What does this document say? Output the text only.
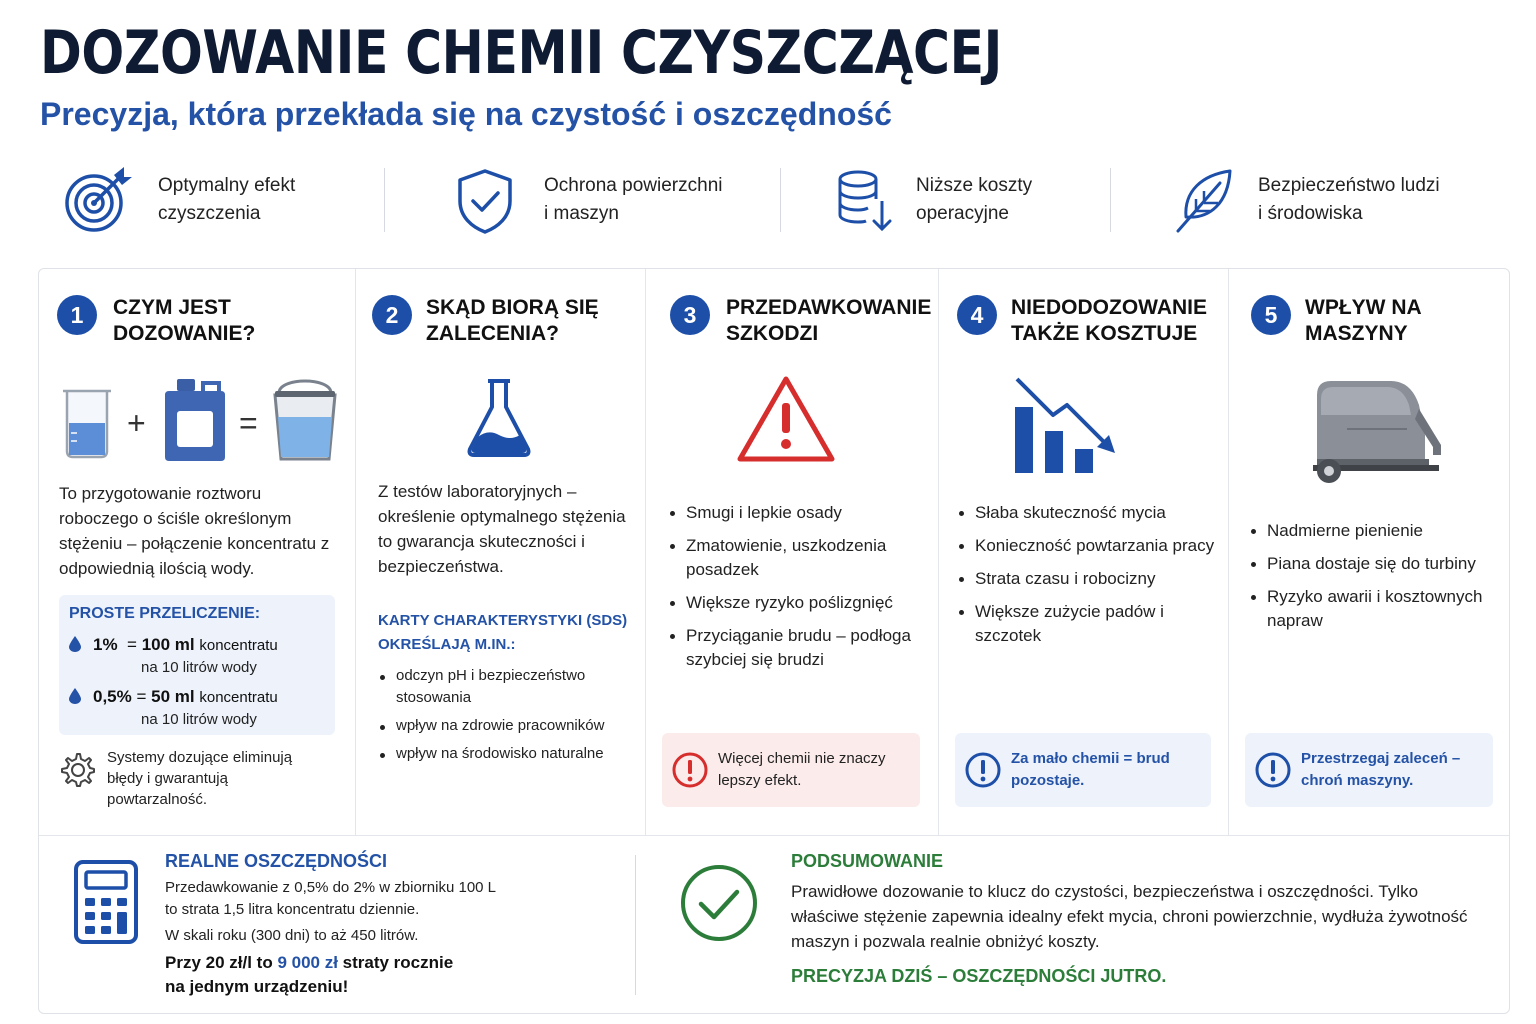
DOZOWANIE CHEMII CZYSZCZĄCEJ
Precyzja, która przekłada się na czystość i oszczędność
Optymalny efekt
czyszczenia
Ochrona powierzchni
i maszyn
Niższe koszty
operacyjne
Bezpieczeństwo ludzi
i środowiska
1	CZYM JEST
DOZOWANIE?
+	=
To przygotowanie roztworu roboczego o ściśle określonym stężeniu – połączenie koncentratu z odpowiednią ilością wody.
PROSTE PRZELICZENIE:
1% = 100 ml koncentratu
na 10 litrów wody
0,5% = 50 ml koncentratu
na 10 litrów wody
Systemy dozujące eliminują błędy i gwarantują powtarzalność.
2	SKĄD BIORĄ SIĘ
ZALECENIA?
Z testów laboratoryjnych – określenie optymalnego stężenia to gwarancja skuteczności i bezpieczeństwa.
KARTY CHARAKTERYSTYKI (SDS)
OKREŚLAJĄ M.IN.:
odczyn pH i bezpieczeństwo stosowania
wpływ na zdrowie pracowników
wpływ na środowisko naturalne
3	PRZEDAWKOWANIE
SZKODZI
Smugi i lepkie osady
Zmatowienie, uszkodzenia posadzek
Większe ryzyko poślizgnięć
Przyciąganie brudu – podłoga szybciej się brudzi
Więcej chemii nie znaczy lepszy efekt.
4	NIEDODOZOWANIE
TAKŻE KOSZTUJE
Słaba skuteczność mycia
Konieczność powtarzania pracy
Strata czasu i robocizny
Większe zużycie padów i szczotek
Za mało chemii = brud pozostaje.
5	WPŁYW NA
MASZYNY
Nadmierne pienienie
Piana dostaje się do turbiny
Ryzyko awarii i kosztownych napraw
Przestrzegaj zaleceń – chroń maszyny.
REALNE OSZCZĘDNOŚCI
Przedawkowanie z 0,5% do 2% w zbiorniku 100 L
to strata 1,5 litra koncentratu dziennie.
W skali roku (300 dni) to aż 450 litrów.
Przy 20 zł/l to 9 000 zł straty rocznie
na jednym urządzeniu!
PODSUMOWANIE
Prawidłowe dozowanie to klucz do czystości, bezpieczeństwa i oszczędności. Tylko właściwe stężenie zapewnia idealny efekt mycia, chroni powierzchnie, wydłuża żywotność maszyn i pozwala realnie obniżyć koszty.
PRECYZJA DZIŚ – OSZCZĘDNOŚCI JUTRO.
